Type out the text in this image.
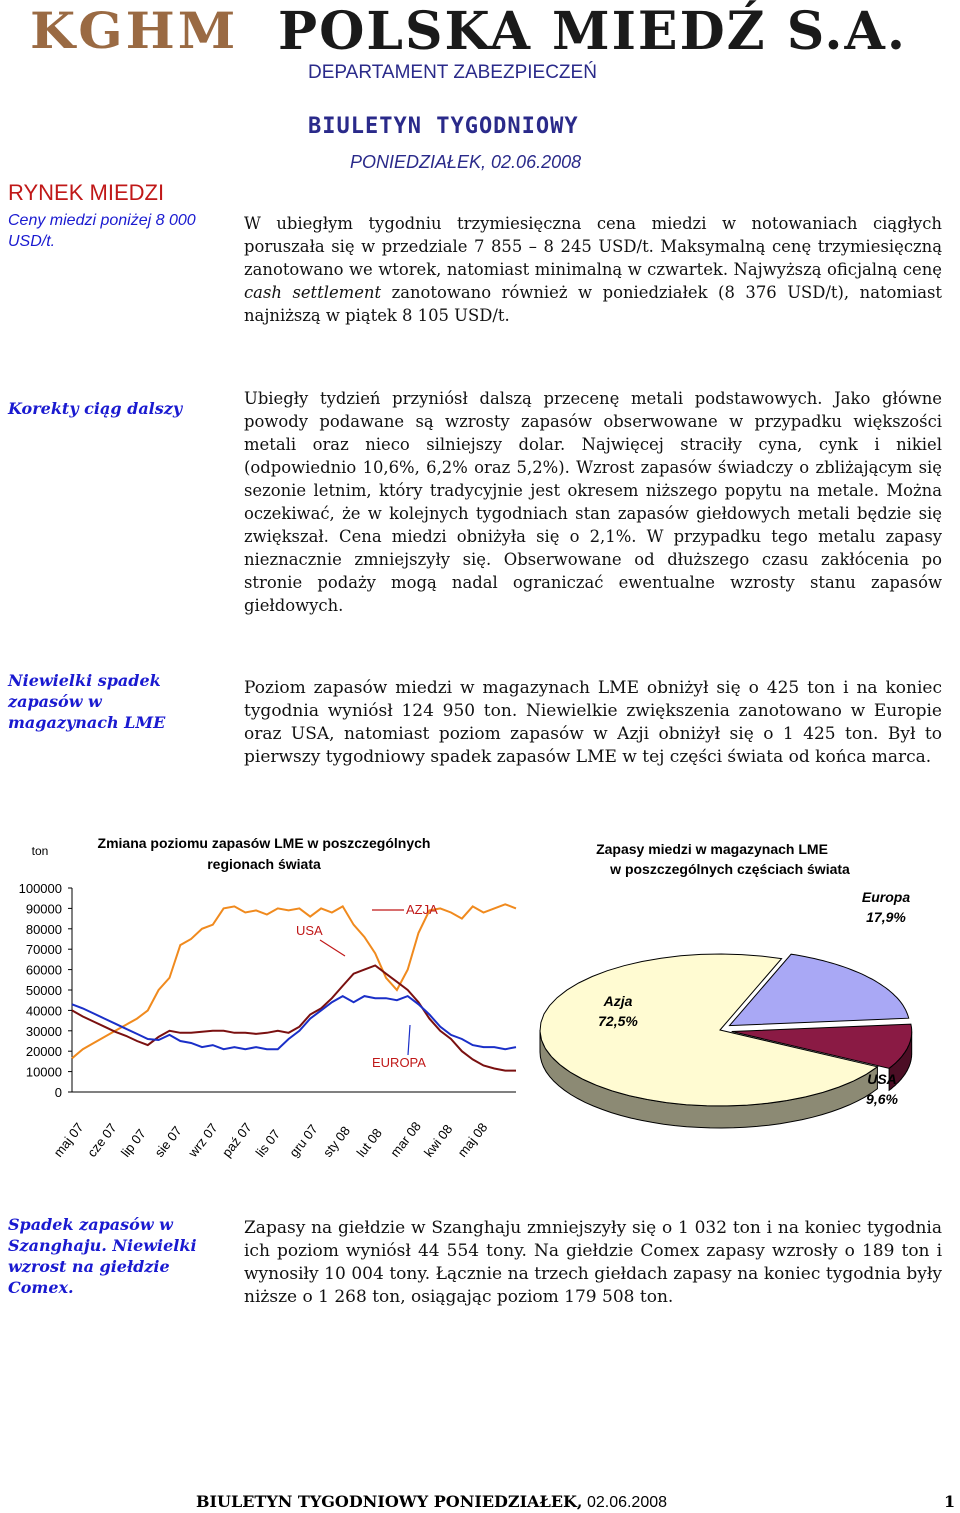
KGHM POLSKA MIEDŹ S.A.
DEPARTAMENT ZABEZPIECZEŃ
BIULETYN TYGODNIOWY
PONIEDZIAŁEK, 02.06.2008
RYNEK MIEDZI
Ceny miedzi poniżej 8 000 USD/t.
W ubiegłym tygodniu trzymiesięczna cena miedzi w notowaniach ciągłych poruszała się w przedziale 7 855 – 8 245 USD/t. Maksymalną cenę trzymiesięczną zanotowano we wtorek, natomiast minimalną w czwartek. Najwyższą oficjalną cenę cash settlement zanotowano również w poniedziałek (8 376 USD/t), natomiast najniższą w piątek 8 105 USD/t.
Korekty ciąg dalszy
Ubiegły tydzień przyniósł dalszą przecenę metali podstawowych. Jako główne powody podawane są wzrosty zapasów obserwowane w przypadku większości metali oraz nieco silniejszy dolar. Najwięcej straciły cyna, cynk i nikiel (odpowiednio 10,6%, 6,2% oraz 5,2%). Wzrost zapasów świadczy o zbliżającym się sezonie letnim, który tradycyjnie jest okresem niższego popytu na metale. Można oczekiwać, że w kolejnych tygodniach stan zapasów giełdowych metali będzie się zwiększał. Cena miedzi obniżyła się o 2,1%. W przypadku tego metalu zapasy nieznacznie zmniejszyły się. Obserwowane od dłuższego czasu zakłócenia po stronie podaży mogą nadal ograniczać ewentualne wzrosty stanu zapasów giełdowych.
Niewielki spadek zapasów w magazynach LME
Poziom zapasów miedzi w magazynach LME obniżył się o 425 ton i na koniec tygodnia wyniósł 124 950 ton. Niewielkie zwiększenia zanotowano w Europie oraz USA, natomiast poziom zapasów w Azji obniżył się o 1 425 ton. Był to pierwszy tygodniowy spadek zapasów LME w tej części świata od końca marca.
Zmiana poziomu zapasów LME w poszczególnych
regionach świata
ton
0
10000
20000
30000
40000
50000
60000
70000
80000
90000
100000
maj 07
cze 07
lip 07 sie 07 wrz 07
paź 07
lis 07 gru 07 sty 08 lut 08 mar 08
kwi 08 maj 08
USA
AZJA
EUROPA
Zapasy miedzi w magazynach LME
w poszczególnych częściach świata
Azja
72,5%
Europa
17,9%
USA
9,6%
Spadek zapasów w Szanghaju. Niewielki wzrost na giełdzie Comex.
Zapasy na giełdzie w Szanghaju zmniejszyły się o 1 032 ton i na koniec tygodnia ich poziom wyniósł 44 554 tony. Na giełdzie Comex zapasy wzrosły o 189 ton i wynosiły 10 004 tony. Łącznie na trzech giełdach zapasy na koniec tygodnia były niższe o 1 268 ton, osiągając poziom 179 508 ton.
BIULETYN TYGODNIOWY PONIEDZIAŁEK, 02.06.2008	1
